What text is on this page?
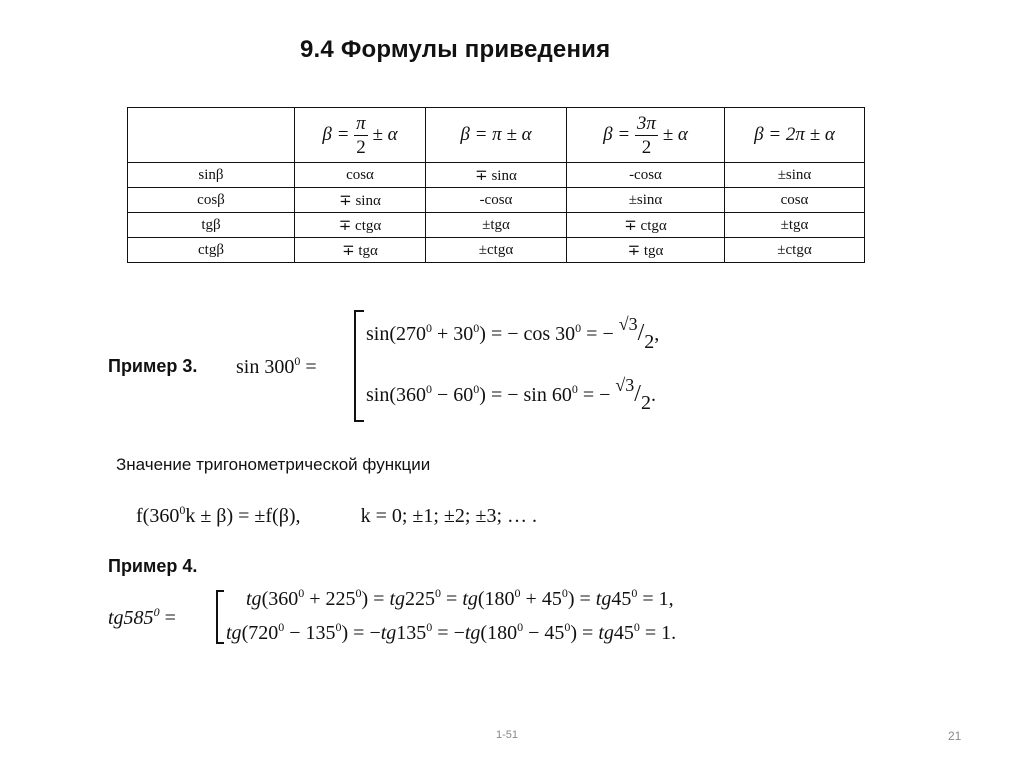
9.4 Формулы приведения
	$\beta = \frac{\pi}{2} \pm \alpha$	β = π ± α	$\beta = \frac{3\pi}{2} \pm \alpha$	β = 2π ± α
sinβ	cosα	∓ sinα	-cosα	±sinα
cosβ	∓ sinα	-cosα	±sinα	cosα
tgβ	∓ ctgα	±tgα	∓ ctgα	±tgα
ctgβ	∓ tgα	±ctgα	∓ tgα	±ctgα
Пример 3. $\sin 300^0$ =
$\sin(270^0 + 30^0)$ = − $\cos 30^0$ = − √3/2,
$\sin(360^0 - 60^0)$ = − $\sin 60^0$ = − √3/2.
Значение тригонометрической функции
$f(360^0k \pm \beta) = \pm f(\beta)$,	k = 0; ±1; ±2; ±3; … .
Пример 4.
$tg585^0$ =
$tg(360^0 + 225^0) = tg225^0 = tg(180^0 + 45^0) = tg45^0 = 1$,
$tg(720^0 - 135^0) = -tg135^0 = -tg(180^0 - 45^0) = tg45^0 = 1$.
1-51	21
